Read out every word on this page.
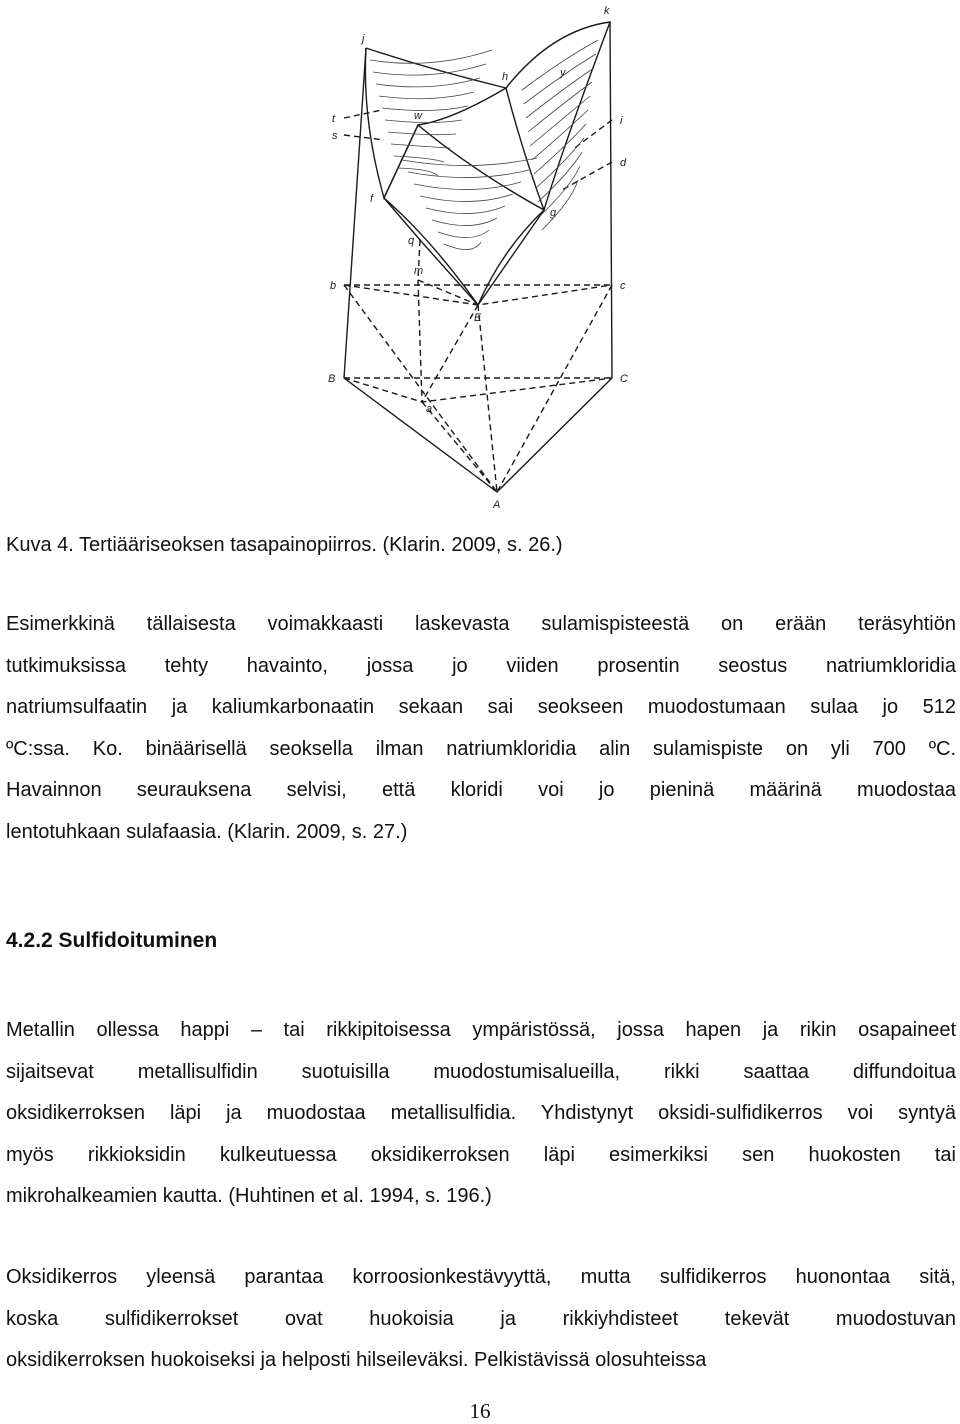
j
k
t
s
w
h	y
i
d
f
g
q
m
b	c
E
B	C
a
A

Kuva 4. Tertiääriseoksen tasapainopiirros. (Klarin. 2009, s. 26.)

Esimerkkinä tällaisesta voimakkaasti laskevasta sulamispisteestä on erään teräsyhtiön
tutkimuksissa tehty havainto, jossa jo viiden prosentin seostus natriumkloridia
natriumsulfaatin ja kaliumkarbonaatin sekaan sai seokseen muodostumaan sulaa jo 512
ºC:ssa. Ko. binäärisellä seoksella ilman natriumkloridia alin sulamispiste on yli 700 ºC.
Havainnon seurauksena selvisi, että kloridi voi jo pieninä määrinä muodostaa
lentotuhkaan sulafaasia. (Klarin. 2009, s. 27.)

4.2.2 Sulfidoituminen

Metallin ollessa happi – tai rikkipitoisessa ympäristössä, jossa hapen ja rikin osapaineet
sijaitsevat metallisulfidin suotuisilla muodostumisalueilla, rikki saattaa diffundoitua
oksidikerroksen läpi ja muodostaa metallisulfidia. Yhdistynyt oksidi-sulfidikerros voi syntyä
myös rikkioksidin kulkeutuessa oksidikerroksen läpi esimerkiksi sen huokosten tai
mikrohalkeamien kautta. (Huhtinen et al. 1994, s. 196.)
Oksidikerros yleensä parantaa korroosionkestävyyttä, mutta sulfidikerros huonontaa sitä,
koska sulfidikerrokset ovat huokoisia ja rikkiyhdisteet tekevät muodostuvan
oksidikerroksen huokoiseksi ja helposti hilseileväksi. Pelkistävissä olosuhteissa
16
